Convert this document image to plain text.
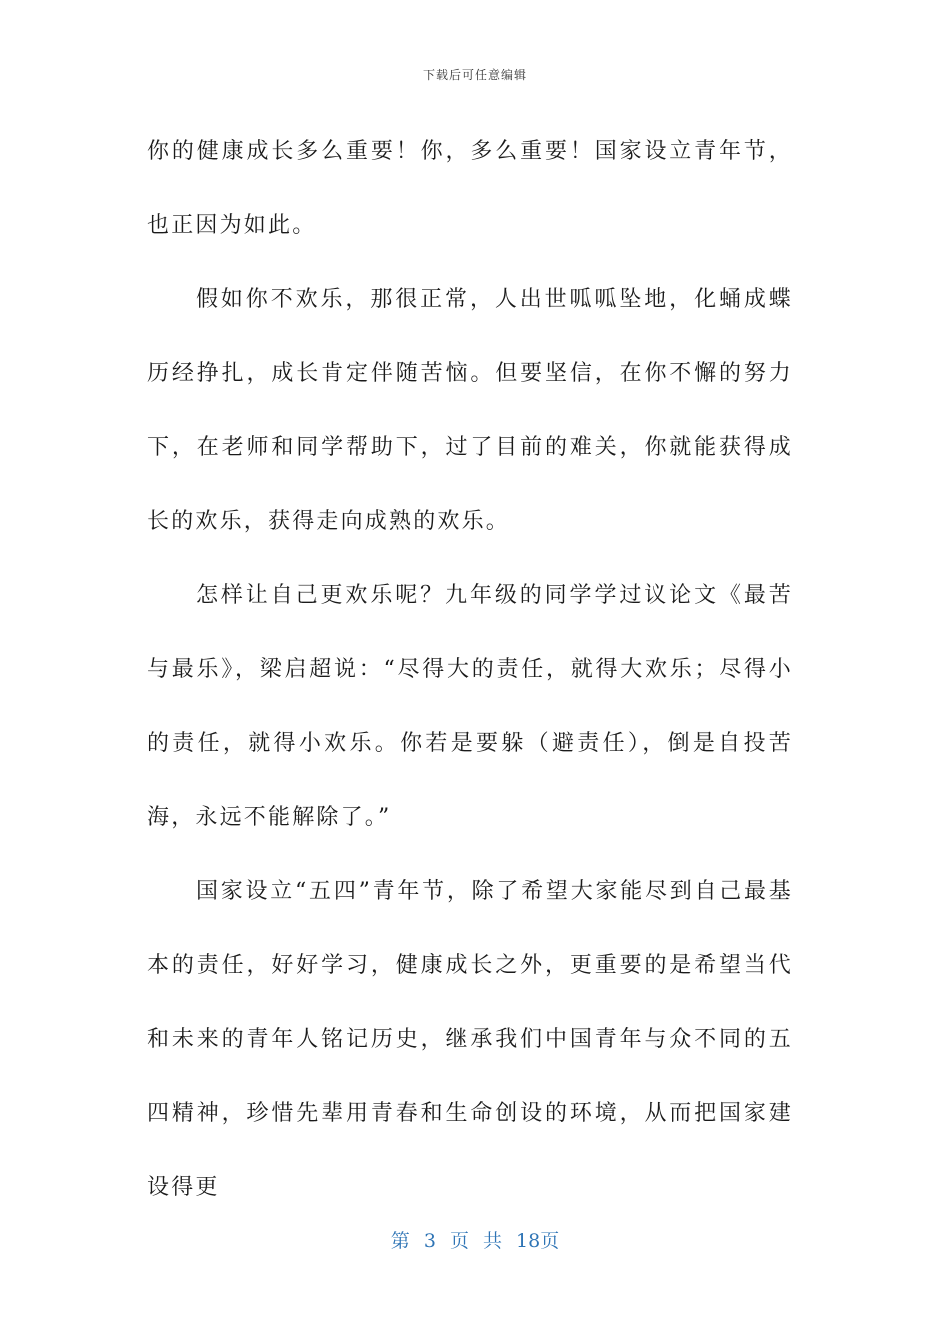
下载后可任意编辑

你的健康成长多么重要！你，多么重要！国家设立青年节，也正因为如此。

假如你不欢乐，那很正常，人出世呱呱坠地，化蛹成蝶历经挣扎，成长肯定伴随苦恼。但要坚信，在你不懈的努力下，在老师和同学帮助下，过了目前的难关，你就能获得成长的欢乐，获得走向成熟的欢乐。

怎样让自己更欢乐呢？九年级的同学学过议论文《最苦与最乐》，梁启超说：“尽得大的责任，就得大欢乐；尽得小的责任，就得小欢乐。你若是要躲（避责任），倒是自投苦海，永远不能解除了。”

国家设立“五四”青年节，除了希望大家能尽到自己最基本的责任，好好学习，健康成长之外，更重要的是希望当代和未来的青年人铭记历史，继承我们中国青年与众不同的五四精神，珍惜先辈用青春和生命创设的环境，从而把国家建设得更

第 3 页 共 18页
